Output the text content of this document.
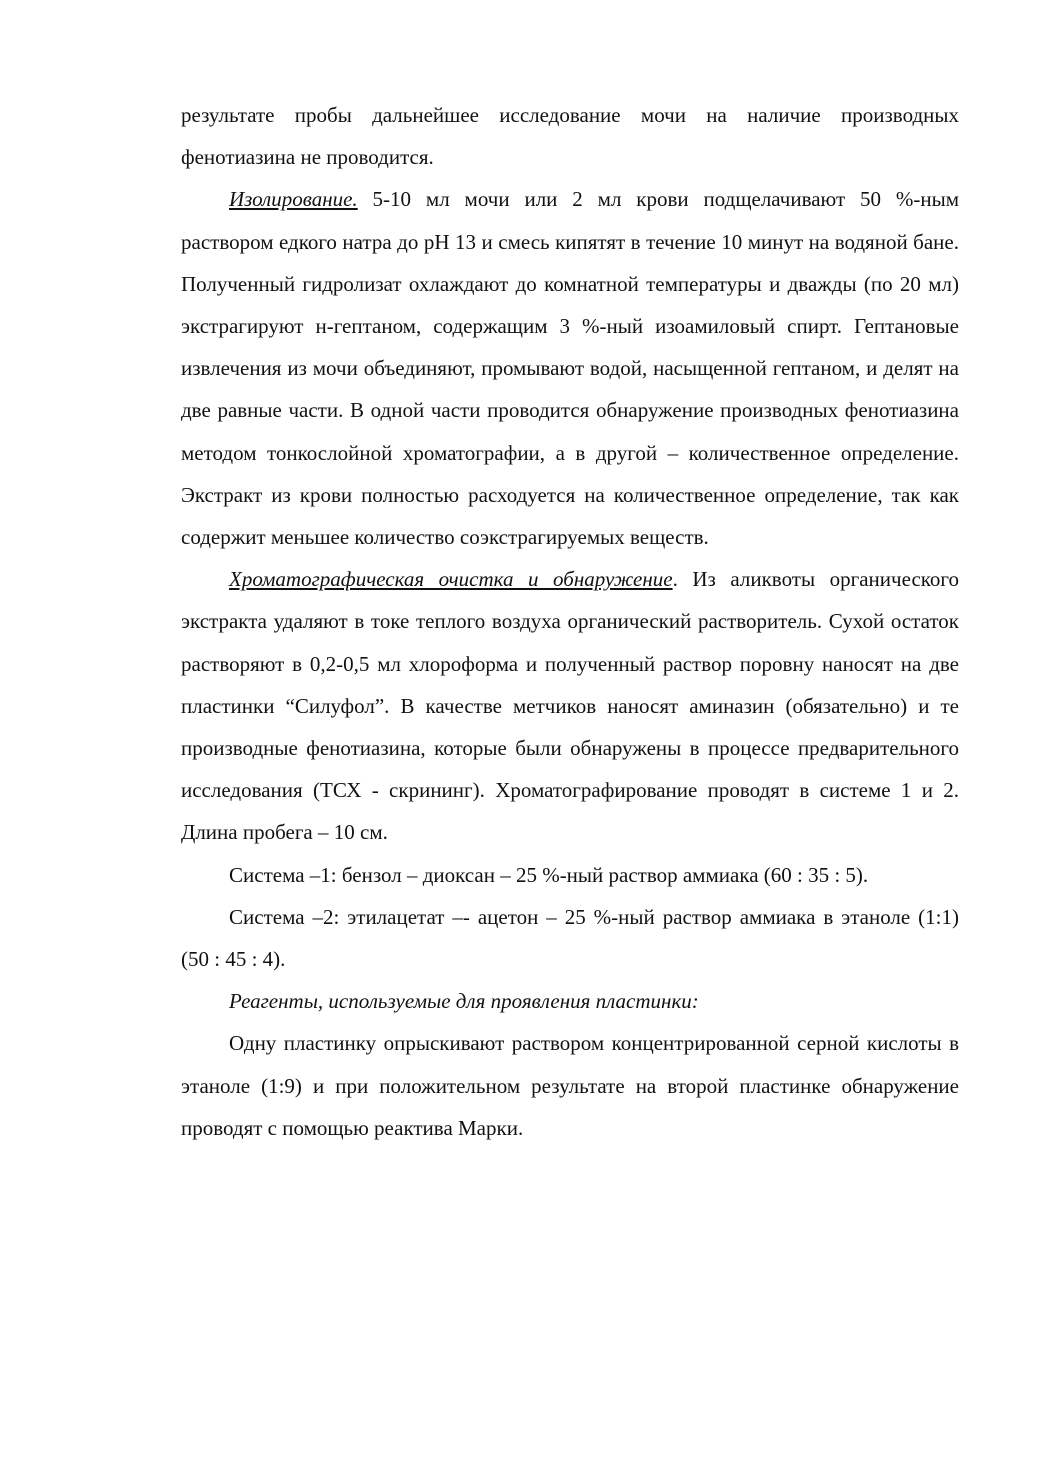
результате пробы дальнейшее исследование мочи на наличие производных фенотиазина не проводится.

Изолирование. 5-10 мл мочи или 2 мл крови подщелачивают 50 %-ным раствором едкого натра до рН 13 и смесь кипятят в течение 10 минут на водяной бане. Полученный гидролизат охлаждают до комнатной температуры и дважды (по 20 мл) экстрагируют н-гептаном, содержащим 3 %-ный изоамиловый спирт. Гептановые извлечения из мочи объединяют, промывают водой, насыщенной гептаном, и делят на две равные части. В одной части проводится обнаружение производных фенотиазина методом тонкослойной хроматографии, а в другой – количественное определение. Экстракт из крови полностью расходуется на количественное определение, так как содержит меньшее количество соэкстрагируемых веществ.

Хроматографическая очистка и обнаружение. Из аликвоты органического экстракта удаляют в токе теплого воздуха органический растворитель. Сухой остаток растворяют в 0,2-0,5 мл хлороформа и полученный раствор поровну наносят на две пластинки “Силуфол”. В качестве метчиков наносят аминазин (обязательно) и те производные фенотиазина, которые были обнаружены в процессе предварительного исследования (ТСХ - скрининг). Хроматографирование проводят в системе 1 и 2. Длина пробега – 10 см.

Система –1: бензол – диоксан – 25 %-ный раствор аммиака (60 : 35 : 5).

Система –2: этилацетат –- ацетон – 25 %-ный раствор аммиака в этаноле (1:1) (50 : 45 : 4).

Реагенты, используемые для проявления пластинки:

Одну пластинку опрыскивают раствором концентрированной серной кислоты в этаноле (1:9) и при положительном результате на второй пластинке обнаружение проводят с помощью реактива Марки.
